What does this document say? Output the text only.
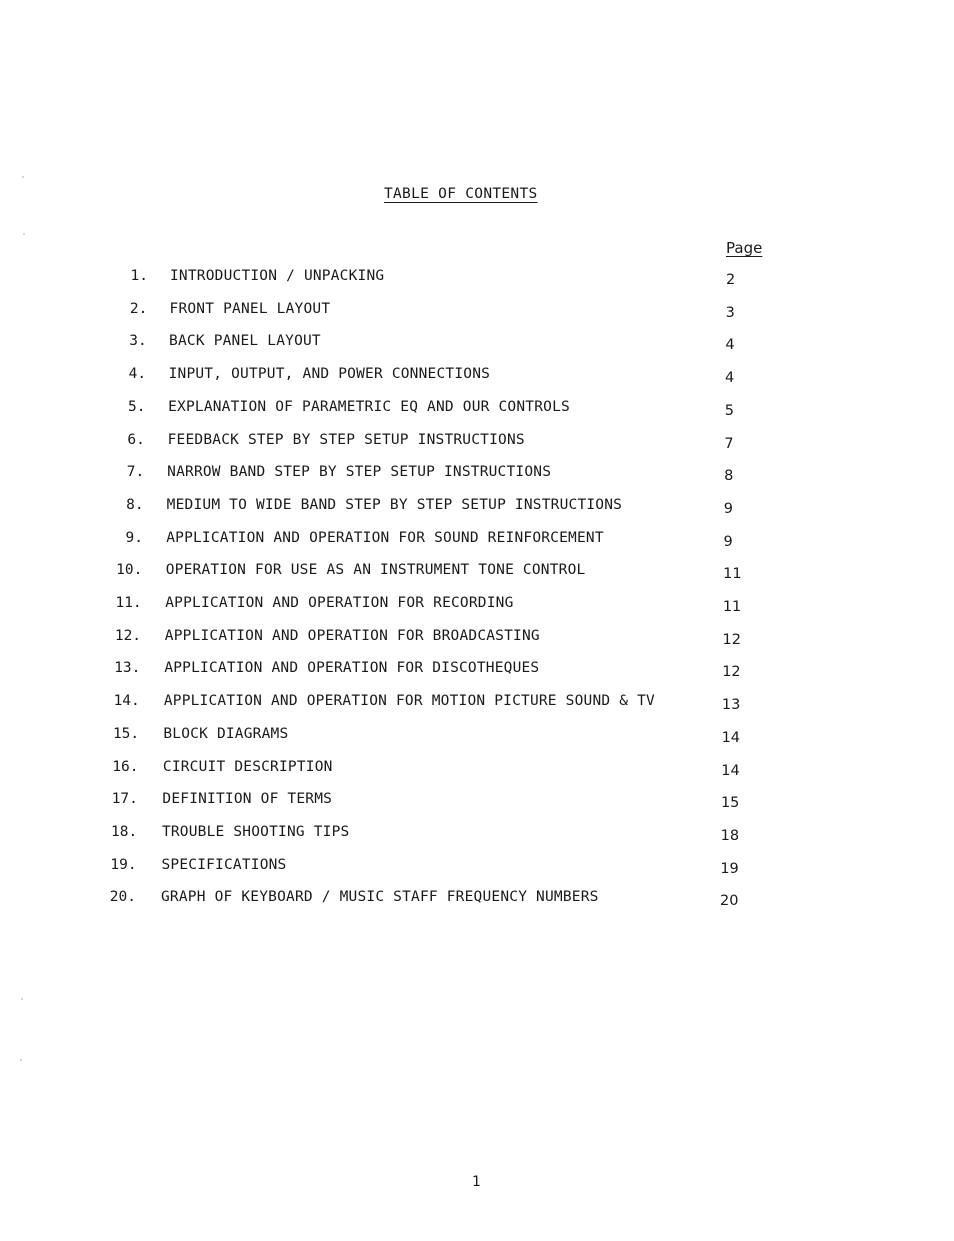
TABLE OF CONTENTS
Page
1. INTRODUCTION / UNPACKING	2
2. FRONT PANEL LAYOUT	3
3. BACK PANEL LAYOUT	4
4. INPUT, OUTPUT, AND POWER CONNECTIONS	4
5. EXPLANATION OF PARAMETRIC EQ AND OUR CONTROLS	5
6. FEEDBACK STEP BY STEP SETUP INSTRUCTIONS	7
7. NARROW BAND STEP BY STEP SETUP INSTRUCTIONS	8
8. MEDIUM TO WIDE BAND STEP BY STEP SETUP INSTRUCTIONS	9
9. APPLICATION AND OPERATION FOR SOUND REINFORCEMENT	9
10. OPERATION FOR USE AS AN INSTRUMENT TONE CONTROL	11
11. APPLICATION AND OPERATION FOR RECORDING	11
12. APPLICATION AND OPERATION FOR BROADCASTING	12
13. APPLICATION AND OPERATION FOR DISCOTHEQUES	12
14. APPLICATION AND OPERATION FOR MOTION PICTURE SOUND & TV	13
15. BLOCK DIAGRAMS	14
16. CIRCUIT DESCRIPTION	14
17. DEFINITION OF TERMS	15
18. TROUBLE SHOOTING TIPS	18
19. SPECIFICATIONS	19
20. GRAPH OF KEYBOARD / MUSIC STAFF FREQUENCY NUMBERS	20
1
